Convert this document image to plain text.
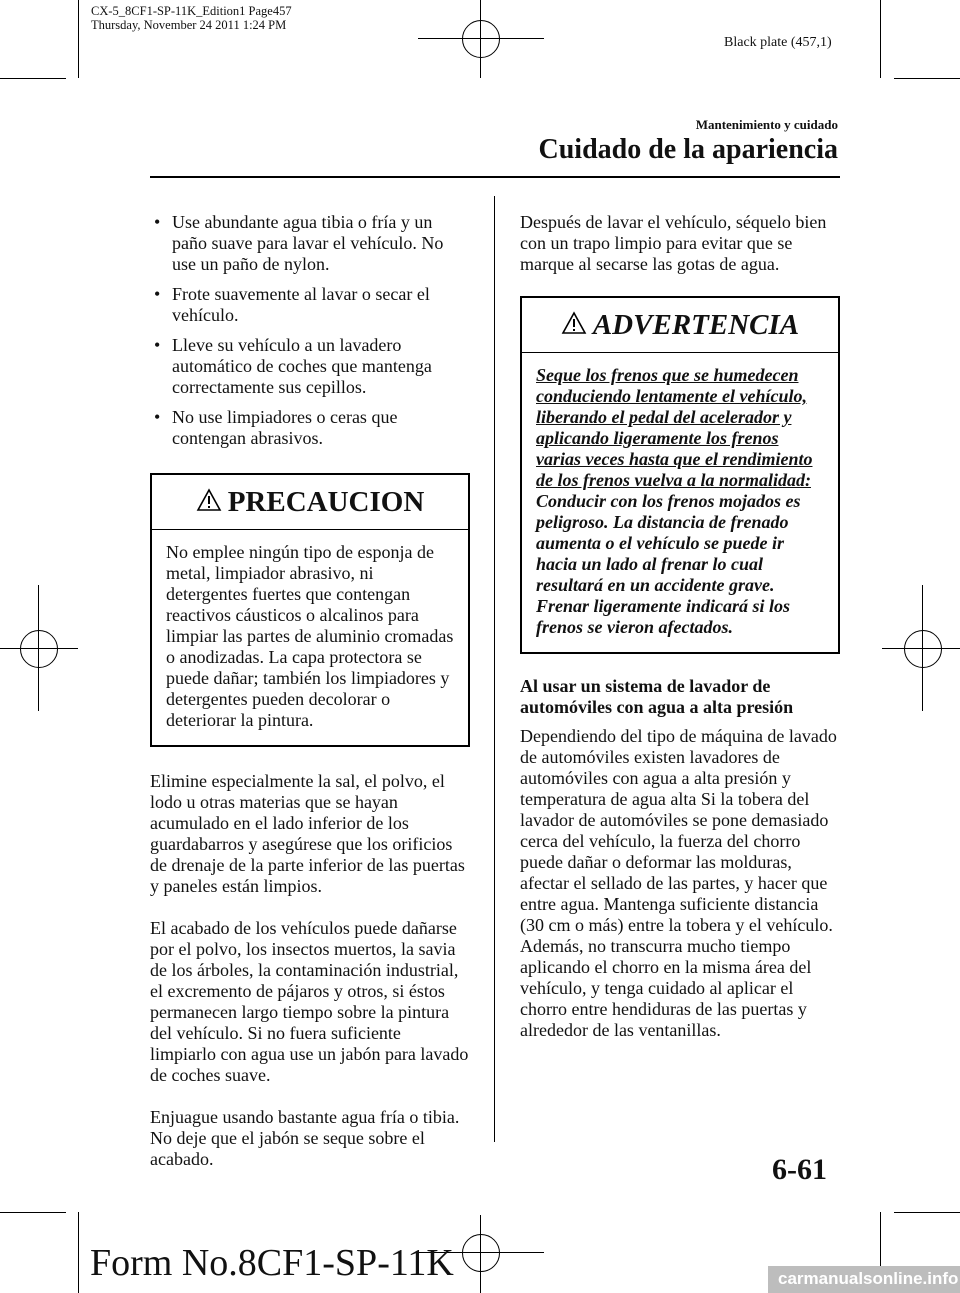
CX-5_8CF1-SP-11K_Edition1 Page457
Thursday, November 24 2011 1:24 PM
Black plate (457,1)
Mantenimiento y cuidado
Cuidado de la apariencia
• Use abundante agua tibia o fría y un paño suave para lavar el vehículo. No use un paño de nylon.
• Frote suavemente al lavar o secar el vehículo.
• Lleve su vehículo a un lavadero automático de coches que mantenga correctamente sus cepillos.
• No use limpiadores o ceras que contengan abrasivos.
PRECAUCION
No emplee ningún tipo de esponja de metal, limpiador abrasivo, ni detergentes fuertes que contengan reactivos cáusticos o alcalinos para limpiar las partes de aluminio cromadas o anodizadas. La capa protectora se puede dañar; también los limpiadores y detergentes pueden decolorar o deteriorar la pintura.

Elimine especialmente la sal, el polvo, el lodo u otras materias que se hayan acumulado en el lado inferior de los guardabarros y asegúrese que los orificios de drenaje de la parte inferior de las puertas y paneles están limpios.

El acabado de los vehículos puede dañarse por el polvo, los insectos muertos, la savia de los árboles, la contaminación industrial, el excremento de pájaros y otros, si éstos permanecen largo tiempo sobre la pintura del vehículo. Si no fuera suficiente limpiarlo con agua use un jabón para lavado de coches suave.

Enjuague usando bastante agua fría o tibia. No deje que el jabón se seque sobre el acabado.

Después de lavar el vehículo, séquelo bien con un trapo limpio para evitar que se marque al secarse las gotas de agua.

ADVERTENCIA
Seque los frenos que se humedecen conduciendo lentamente el vehículo, liberando el pedal del acelerador y aplicando ligeramente los frenos varias veces hasta que el rendimiento de los frenos vuelva a la normalidad: Conducir con los frenos mojados es peligroso. La distancia de frenado aumenta o el vehículo se puede ir hacia un lado al frenar lo cual resultará en un accidente grave. Frenar ligeramente indicará si los frenos se vieron afectados.
Al usar un sistema de lavador de automóviles con agua a alta presión

Dependiendo del tipo de máquina de lavado de automóviles existen lavadores de automóviles con agua a alta presión y temperatura de agua alta Si la tobera del lavador de automóviles se pone demasiado cerca del vehículo, la fuerza del chorro puede dañar o deformar las molduras, afectar el sellado de las partes, y hacer que entre agua. Mantenga suficiente distancia (30 cm o más) entre la tobera y el vehículo. Además, no transcurra mucho tiempo aplicando el chorro en la misma área del vehículo, y tenga cuidado al aplicar el chorro entre hendiduras de las puertas y alrededor de las ventanillas.

6-61
Form No.8CF1-SP-11K	carmanualsonline.info
